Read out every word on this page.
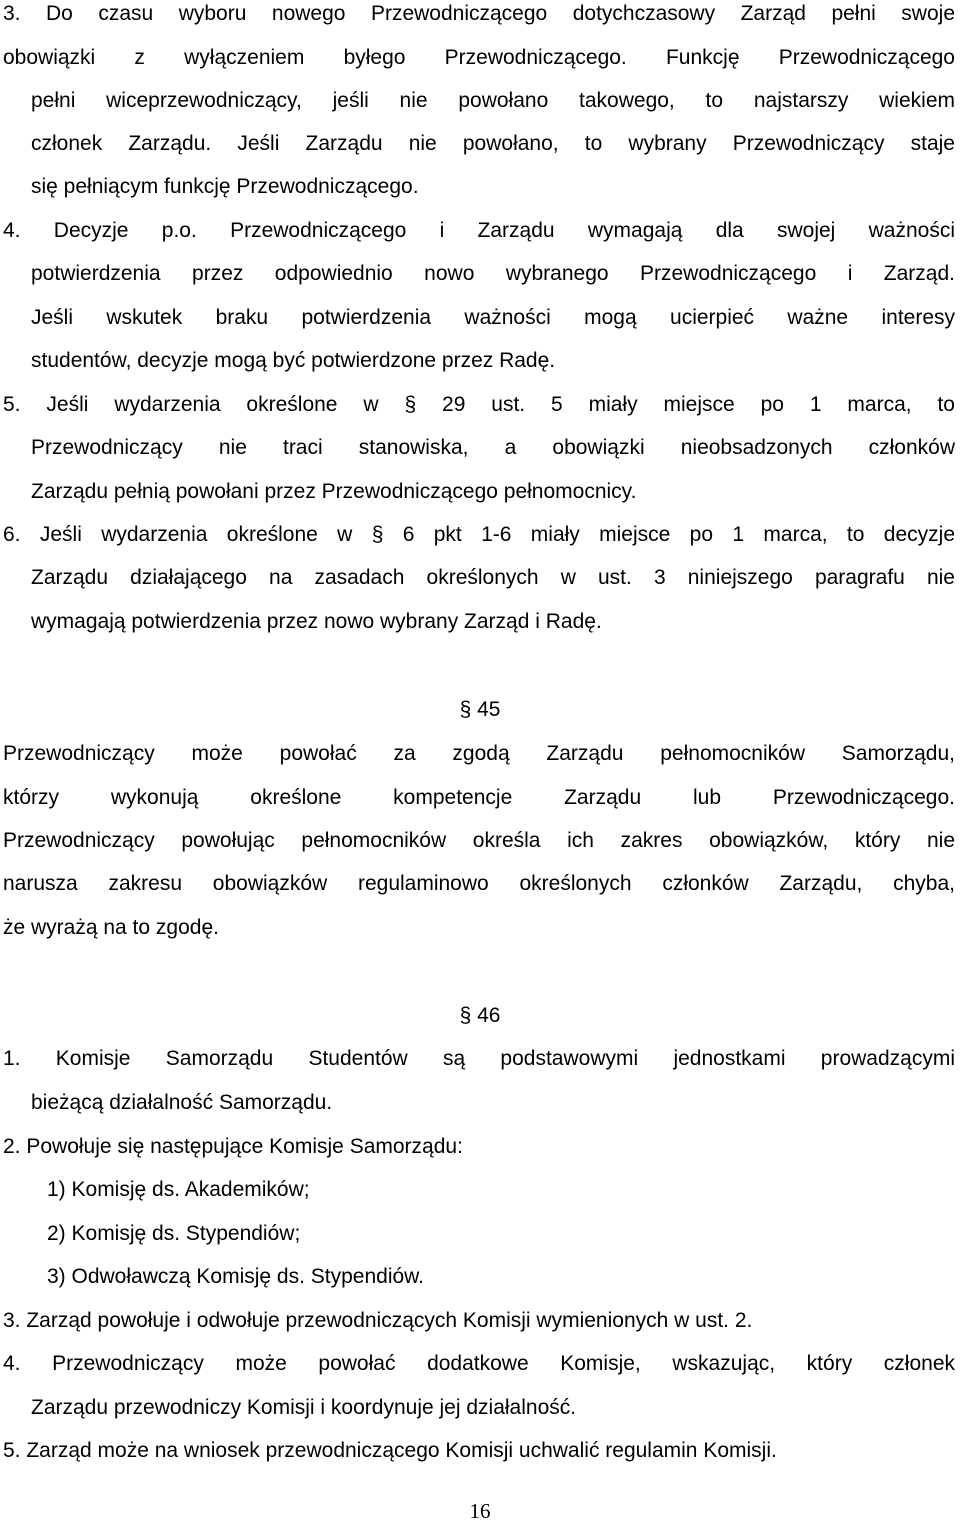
3. Do czasu wyboru nowego Przewodniczącego dotychczasowy Zarząd pełni swoje
obowiązki z wyłączeniem byłego Przewodniczącego. Funkcję Przewodniczącego
pełni wiceprzewodniczący, jeśli nie powołano takowego, to najstarszy wiekiem
członek Zarządu. Jeśli Zarządu nie powołano, to wybrany Przewodniczący staje
się pełniącym funkcję Przewodniczącego.
4. Decyzje p.o. Przewodniczącego i Zarządu wymagają dla swojej ważności
potwierdzenia przez odpowiednio nowo wybranego Przewodniczącego i Zarząd.
Jeśli wskutek braku potwierdzenia ważności mogą ucierpieć ważne interesy
studentów, decyzje mogą być potwierdzone przez Radę.
5. Jeśli wydarzenia określone w § 29 ust. 5 miały miejsce po 1 marca, to
Przewodniczący nie traci stanowiska, a obowiązki nieobsadzonych członków
Zarządu pełnią powołani przez Przewodniczącego pełnomocnicy.
6. Jeśli wydarzenia określone w § 6 pkt 1-6 miały miejsce po 1 marca, to decyzje
Zarządu działającego na zasadach określonych w ust. 3 niniejszego paragrafu nie
wymagają potwierdzenia przez nowo wybrany Zarząd i Radę.
§ 45
Przewodniczący może powołać za zgodą Zarządu pełnomocników Samorządu,
którzy wykonują określone kompetencje Zarządu lub Przewodniczącego.
Przewodniczący powołując pełnomocników określa ich zakres obowiązków, który nie
narusza zakresu obowiązków regulaminowo określonych członków Zarządu, chyba,
że wyrażą na to zgodę.
§ 46
1. Komisje Samorządu Studentów są podstawowymi jednostkami prowadzącymi
bieżącą działalność Samorządu.
2. Powołuje się następujące Komisje Samorządu:
1) Komisję ds. Akademików;
2) Komisję ds. Stypendiów;
3) Odwoławczą Komisję ds. Stypendiów.
3. Zarząd powołuje i odwołuje przewodniczących Komisji wymienionych w ust. 2.
4. Przewodniczący może powołać dodatkowe Komisje, wskazując, który członek
Zarządu przewodniczy Komisji i koordynuje jej działalność.
5. Zarząd może na wniosek przewodniczącego Komisji uchwalić regulamin Komisji.
16
